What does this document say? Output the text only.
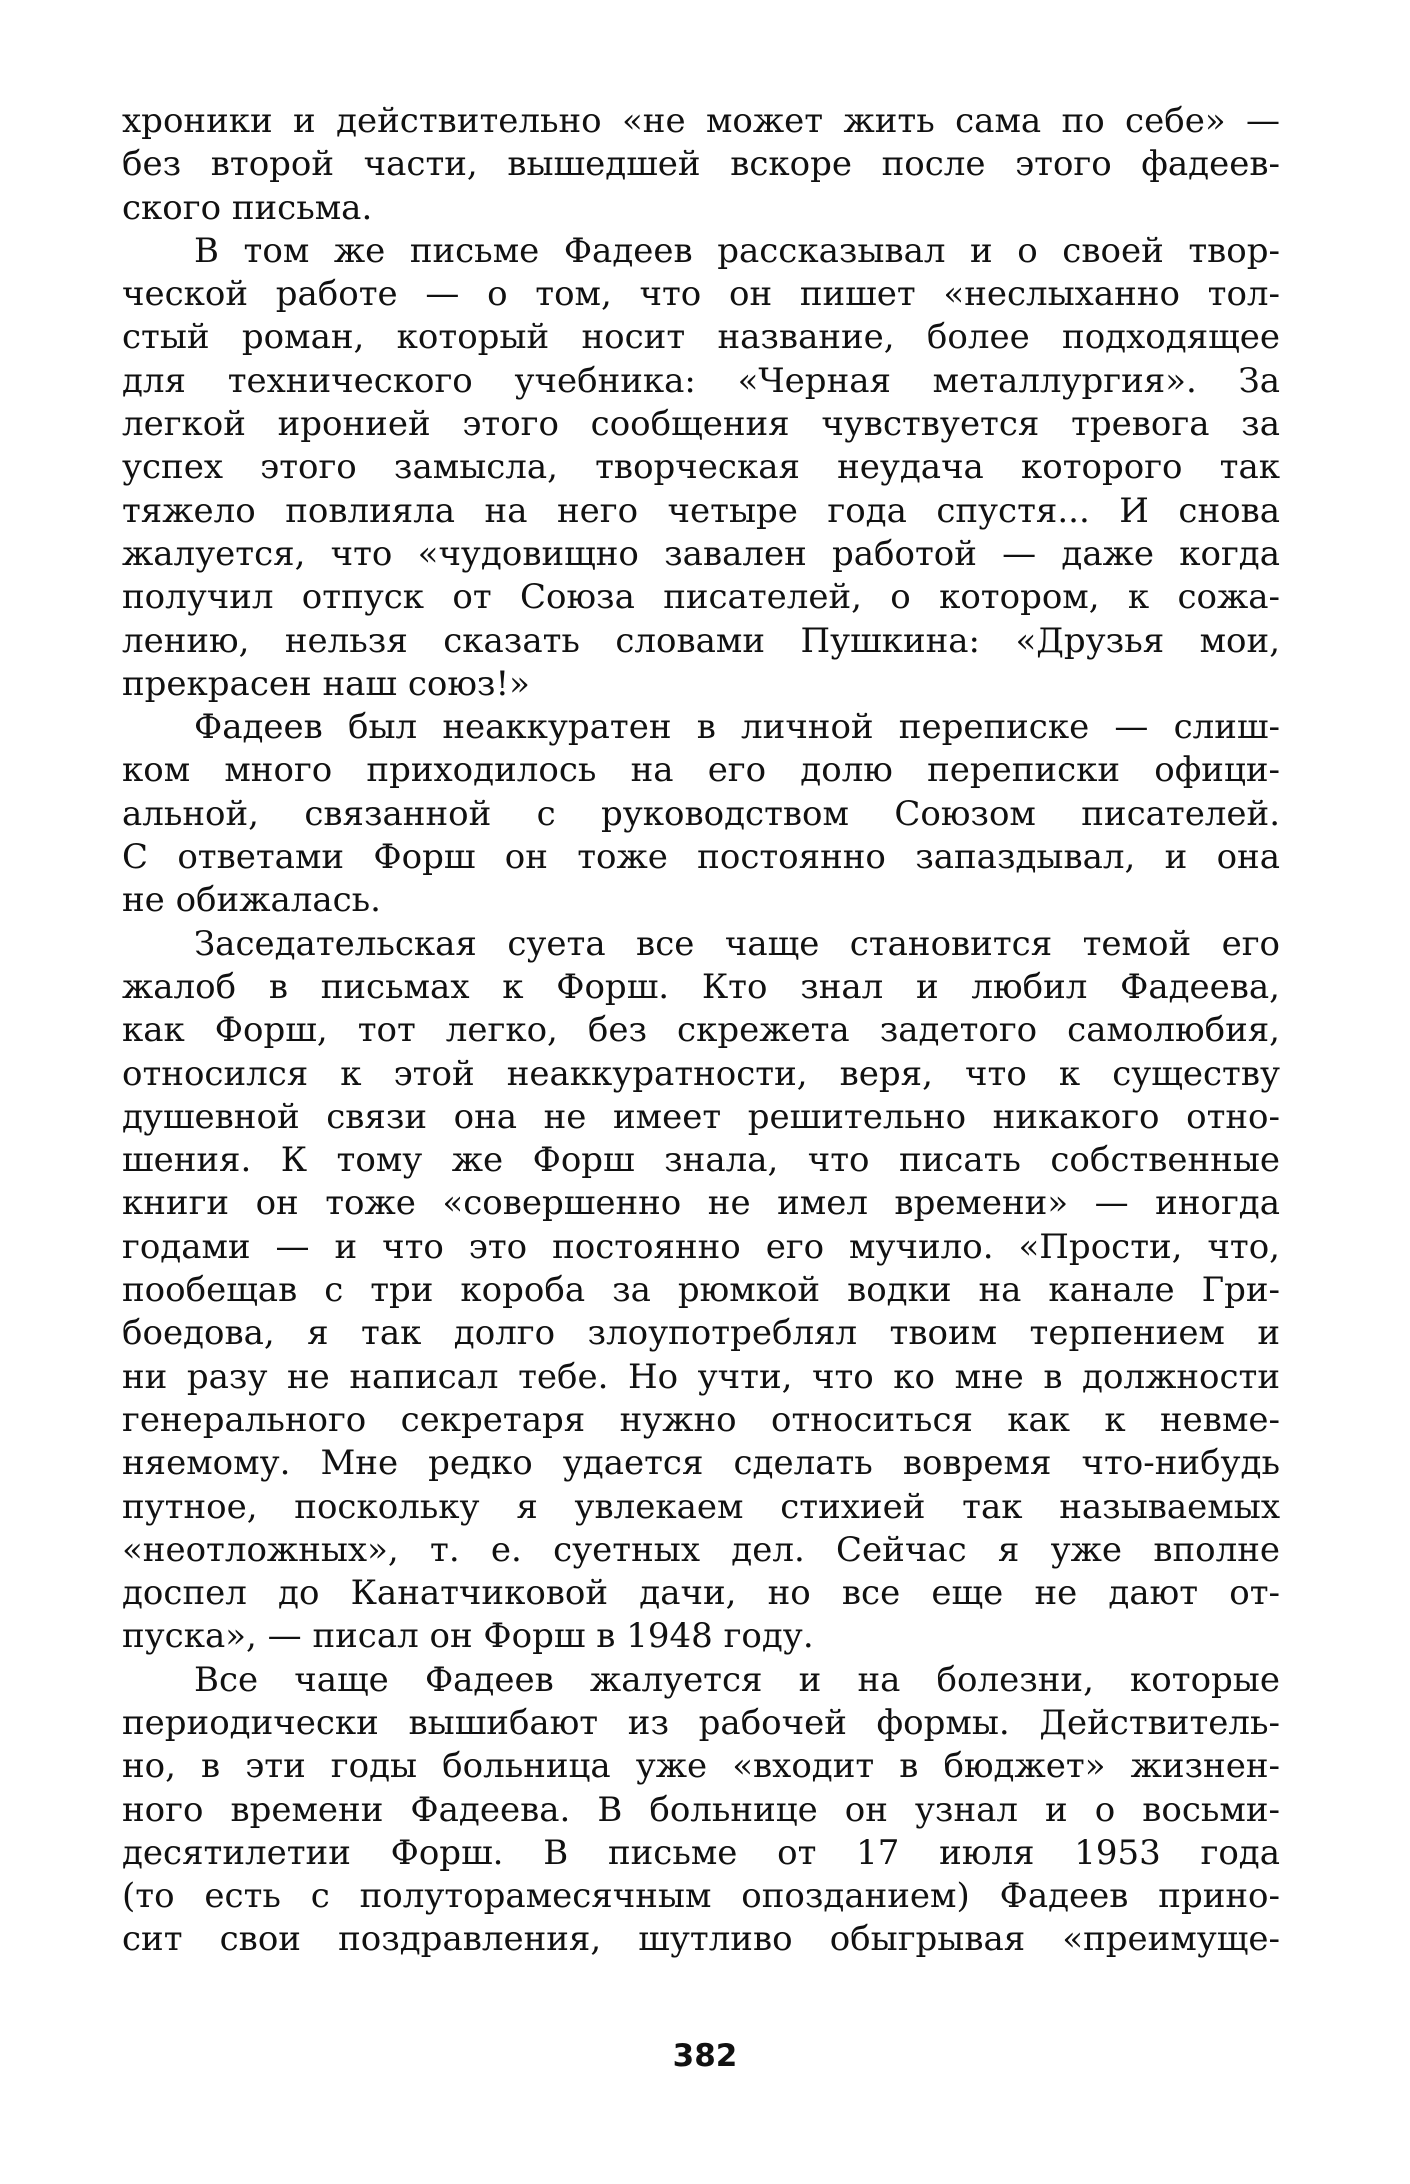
хроники и действительно «не может жить сама по себе» —
без второй части, вышедшей вскоре после этого фадеев-
ского письма.
В том же письме Фадеев рассказывал и о своей твор-
ческой работе — о том, что он пишет «неслыханно тол-
стый роман, который носит название, более подходящее
для технического учебника: «Черная металлургия». За
легкой иронией этого сообщения чувствуется тревога за
успех этого замысла, творческая неудача которого так
тяжело повлияла на него четыре года спустя... И снова
жалуется, что «чудовищно завален работой — даже когда
получил отпуск от Союза писателей, о котором, к сожа-
лению, нельзя сказать словами Пушкина: «Друзья мои,
прекрасен наш союз!»
Фадеев был неаккуратен в личной переписке — слиш-
ком много приходилось на его долю переписки офици-
альной, связанной с руководством Союзом писателей.
С ответами Форш он тоже постоянно запаздывал, и она
не обижалась.
Заседательская суета все чаще становится темой его
жалоб в письмах к Форш. Кто знал и любил Фадеева,
как Форш, тот легко, без скрежета задетого самолюбия,
относился к этой неаккуратности, веря, что к существу
душевной связи она не имеет решительно никакого отно-
шения. К тому же Форш знала, что писать собственные
книги он тоже «совершенно не имел времени» — иногда
годами — и что это постоянно его мучило. «Прости, что,
пообещав с три короба за рюмкой водки на канале Гри-
боедова, я так долго злоупотреблял твоим терпением и
ни разу не написал тебе. Но учти, что ко мне в должности
генерального секретаря нужно относиться как к невме-
няемому. Мне редко удается сделать вовремя что-нибудь
путное, поскольку я увлекаем стихией так называемых
«неотложных», т. е. суетных дел. Сейчас я уже вполне
доспел до Канатчиковой дачи, но все еще не дают от-
пуска», — писал он Форш в 1948 году.
Все чаще Фадеев жалуется и на болезни, которые
периодически вышибают из рабочей формы. Действитель-
но, в эти годы больница уже «входит в бюджет» жизнен-
ного времени Фадеева. В больнице он узнал и о восьми-
десятилетии Форш. В письме от 17 июля 1953 года
(то есть с полуторамесячным опозданием) Фадеев прино-
сит свои поздравления, шутливо обыгрывая «преимуще-
382
